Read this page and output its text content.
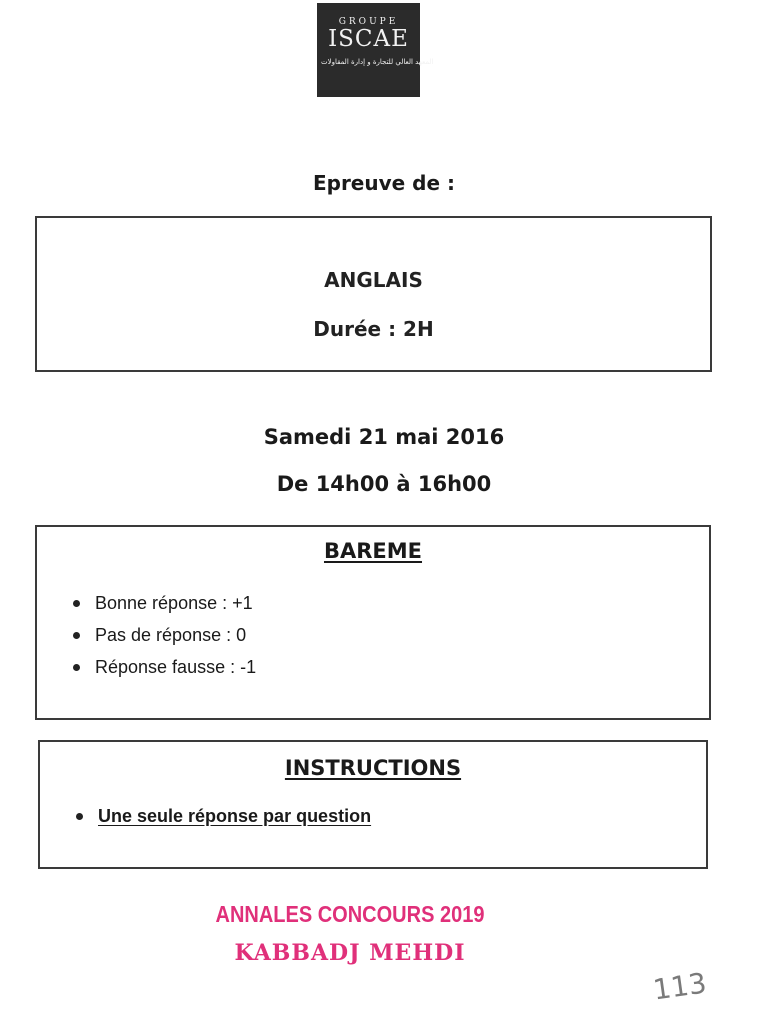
GROUPE
ISCAE
المعهد العالي للتجارة و إدارة المقاولات
Epreuve de :
ANGLAIS
Durée : 2H
Samedi 21 mai 2016
De 14h00 à 16h00
BAREME
Bonne réponse : +1
Pas de réponse : 0
Réponse fausse : -1
INSTRUCTIONS
Une seule réponse par question
ANNALES CONCOURS 2019
KABBADJ MEHDI
113
